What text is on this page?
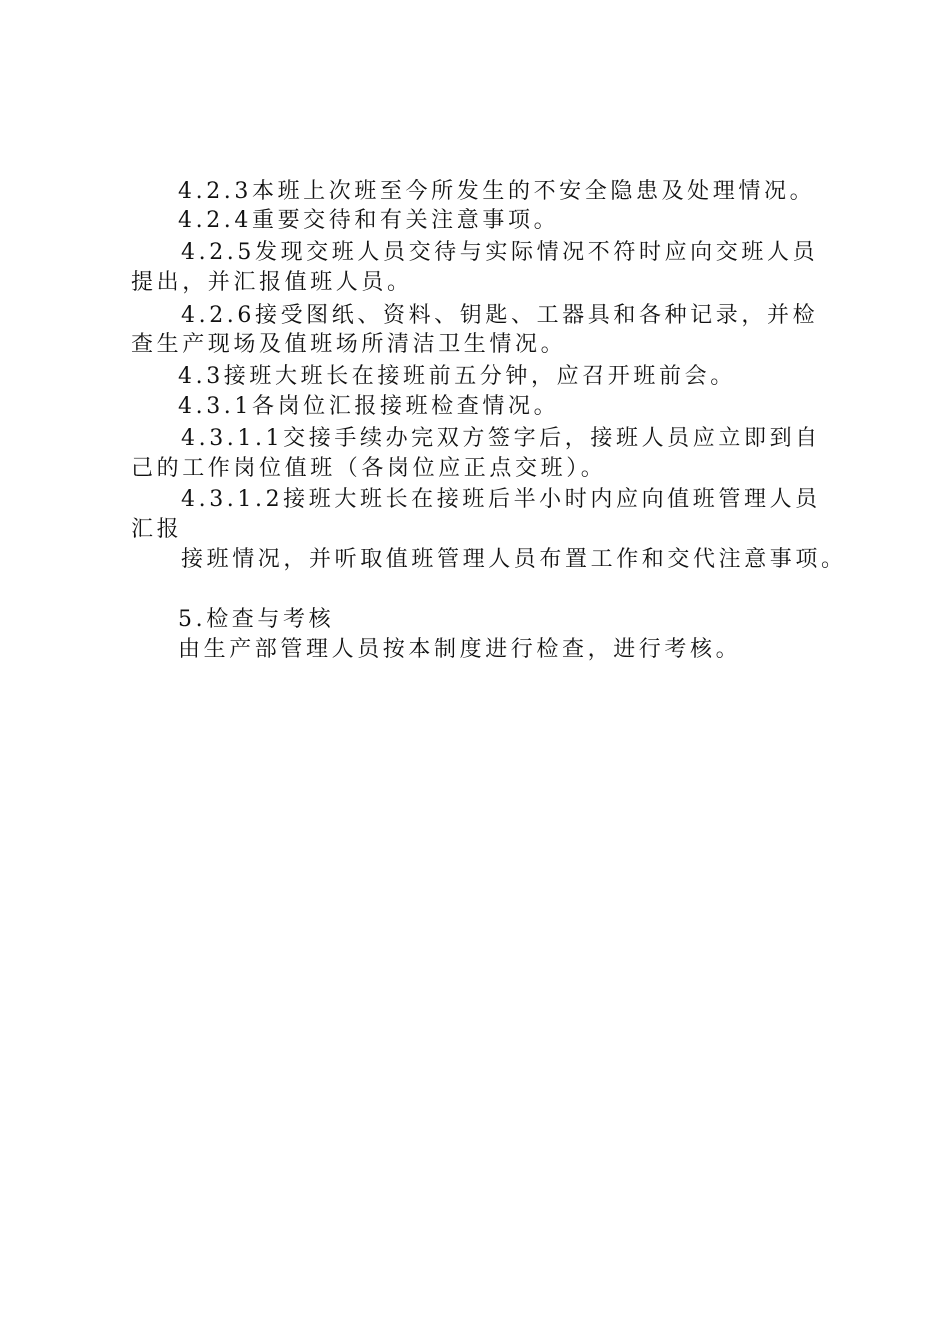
4.2.3本班上次班至今所发生的不安全隐患及处理情况。
4.2.4重要交待和有关注意事项。
4.2.5发现交班人员交待与实际情况不符时应向交班人员
提出，并汇报值班人员。
4.2.6接受图纸、资料、钥匙、工器具和各种记录，并检
查生产现场及值班场所清洁卫生情况。
4.3接班大班长在接班前五分钟，应召开班前会。
4.3.1各岗位汇报接班检查情况。
4.3.1.1交接手续办完双方签字后，接班人员应立即到自
己的工作岗位值班（各岗位应正点交班）。
4.3.1.2接班大班长在接班后半小时内应向值班管理人员
汇报
接班情况，并听取值班管理人员布置工作和交代注意事项。
5.检查与考核
由生产部管理人员按本制度进行检查，进行考核。
